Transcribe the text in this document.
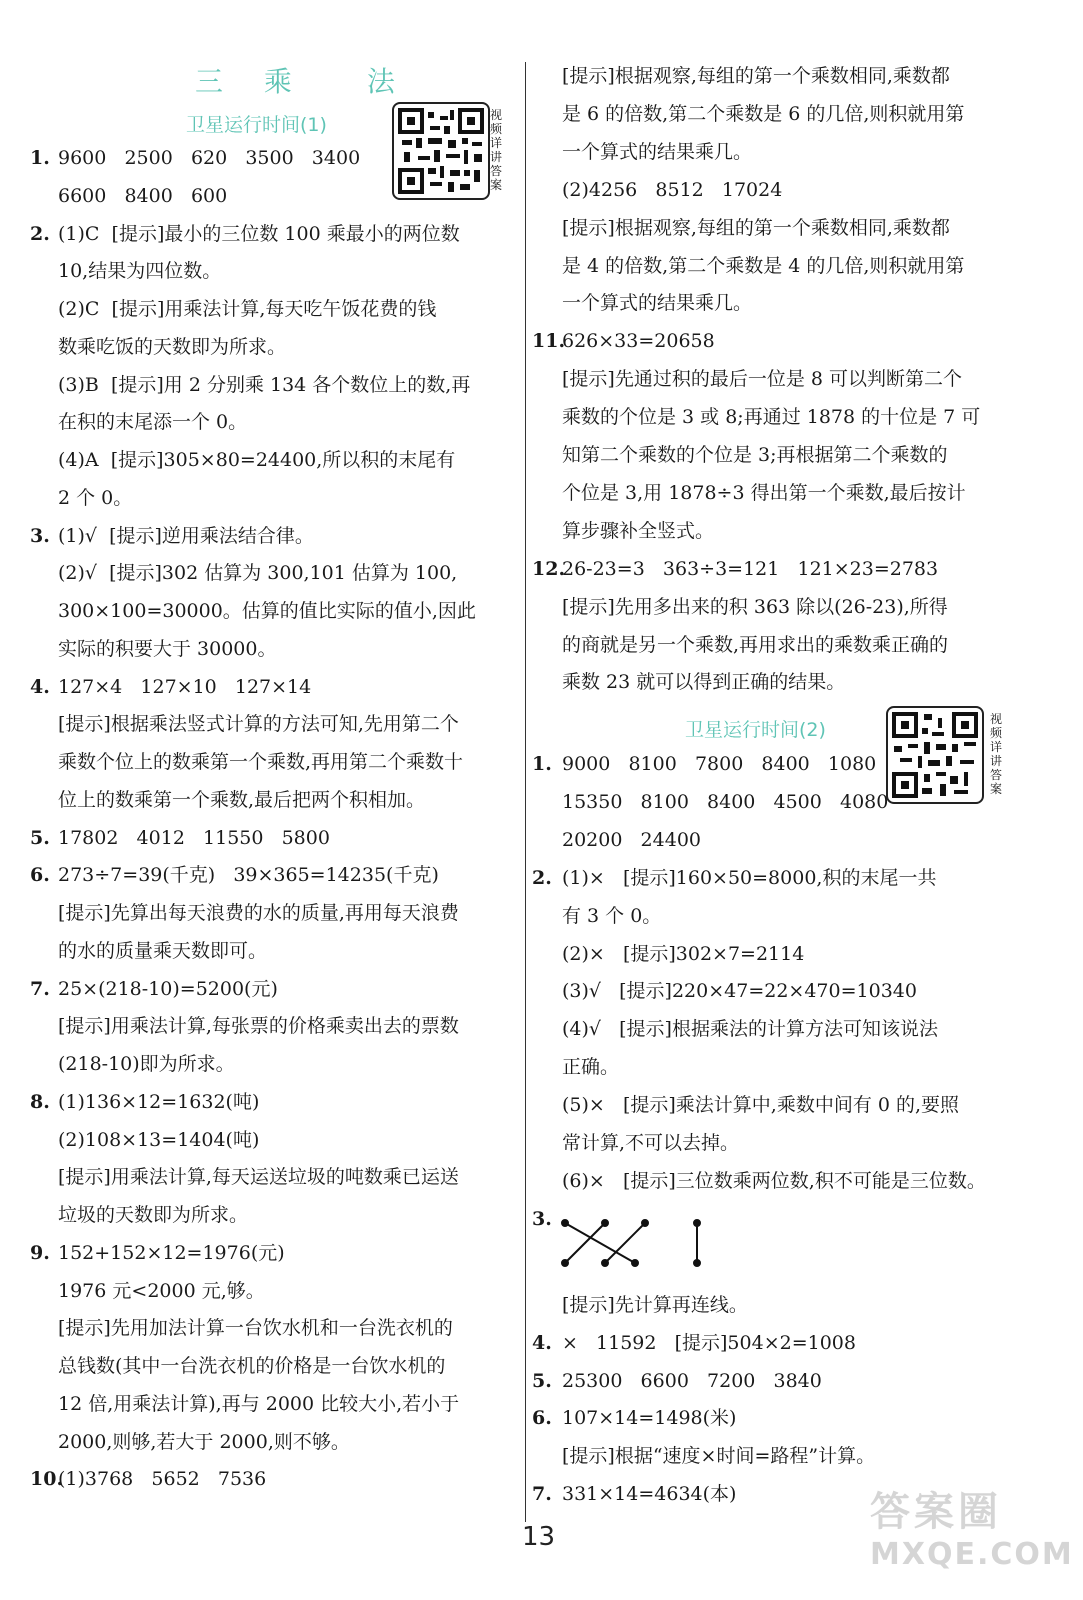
三 乘	法
卫星运行时间(1)	视频详讲答案
1. 9600   2500   620   3500   3400
6600   8400   600
2. (1)C  [提示]最小的三位数 100 乘最小的两位数
10,结果为四位数。
(2)C  [提示]用乘法计算,每天吃午饭花费的钱
数乘吃饭的天数即为所求。
(3)B  [提示]用 2 分别乘 134 各个数位上的数,再
在积的末尾添一个 0。
(4)A  [提示]305×80=24400,所以积的末尾有
2 个 0。
3. (1)√  [提示]逆用乘法结合律。
(2)√  [提示]302 估算为 300,101 估算为 100,
300×100=30000。估算的值比实际的值小,因此
实际的积要大于 30000。
4. 127×4   127×10   127×14
[提示]根据乘法竖式计算的方法可知,先用第二个
乘数个位上的数乘第一个乘数,再用第二个乘数十
位上的数乘第一个乘数,最后把两个积相加。
5. 17802   4012   11550   5800
6. 273÷7=39(千克)   39×365=14235(千克)
[提示]先算出每天浪费的水的质量,再用每天浪费
的水的质量乘天数即可。
7. 25×(218-10)=5200(元)
[提示]用乘法计算,每张票的价格乘卖出去的票数
(218-10)即为所求。
8. (1)136×12=1632(吨)
(2)108×13=1404(吨)
[提示]用乘法计算,每天运送垃圾的吨数乘已运送
垃圾的天数即为所求。
9. 152+152×12=1976(元)
1976 元<2000 元,够。
[提示]先用加法计算一台饮水机和一台洗衣机的
总钱数(其中一台洗衣机的价格是一台饮水机的
12 倍,用乘法计算),再与 2000 比较大小,若小于
2000,则够,若大于 2000,则不够。
10.(1)3768   5652   7536
[提示]根据观察,每组的第一个乘数相同,乘数都
是 6 的倍数,第二个乘数是 6 的几倍,则积就用第
一个算式的结果乘几。
(2)4256   8512   17024
[提示]根据观察,每组的第一个乘数相同,乘数都
是 4 的倍数,第二个乘数是 4 的几倍,则积就用第
一个算式的结果乘几。
11.626×33=20658
[提示]先通过积的最后一位是 8 可以判断第二个
乘数的个位是 3 或 8;再通过 1878 的十位是 7 可
知第二个乘数的个位是 3;再根据第二个乘数的
个位是 3,用 1878÷3 得出第一个乘数,最后按计
算步骤补全竖式。
12.26-23=3   363÷3=121   121×23=2783
[提示]先用多出来的积 363 除以(26-23),所得
的商就是另一个乘数,再用求出的乘数乘正确的
乘数 23 就可以得到正确的结果。
卫星运行时间(2)	视频详讲答案
1. 9000   8100   7800   8400   1080
15350   8100   8400   4500   4080
20200   24400
2. (1)×   [提示]160×50=8000,积的末尾一共
有 3 个 0。
(2)×   [提示]302×7=2114
(3)√   [提示]220×47=22×470=10340
(4)√   [提示]根据乘法的计算方法可知该说法
正确。
(5)×   [提示]乘法计算中,乘数中间有 0 的,要照
常计算,不可以去掉。
(6)×   [提示]三位数乘两位数,积不可能是三位数。
3.
[提示]先计算再连线。
4. ×   11592   [提示]504×2=1008
5. 25300   6600   7200   3840
6. 107×14=1498(米)
[提示]根据“速度×时间=路程”计算。
7. 331×14=4634(本)
13
答案圈
MXQE.COM
